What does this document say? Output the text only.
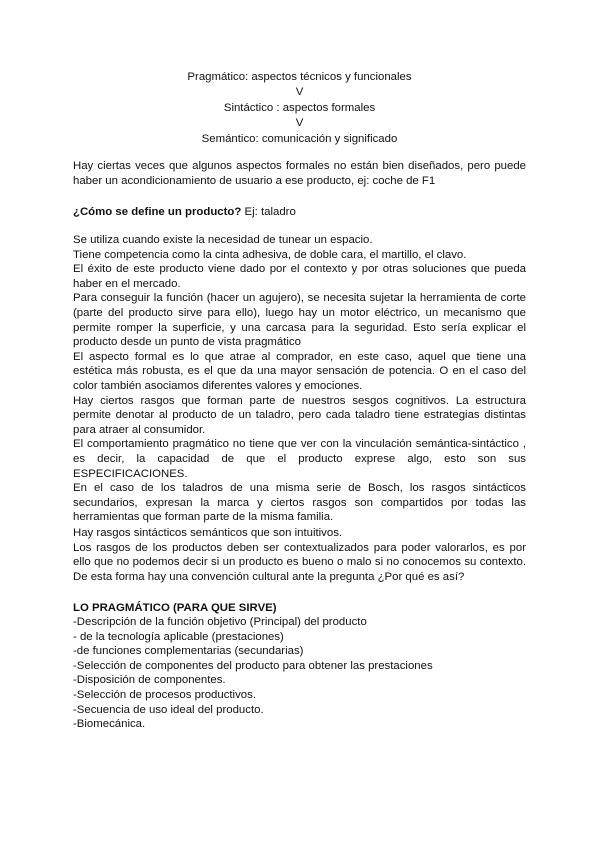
Pragmático: aspectos técnicos y funcionales
V
Sintáctico : aspectos formales
V
Semántico: comunicación y significado

Hay ciertas veces que algunos aspectos formales no están bien diseñados, pero puede haber un acondicionamiento de usuario a ese producto, ej: coche de F1

¿Cómo se define un producto? Ej: taladro

Se utiliza cuando existe la necesidad de tunear un espacio.

Tiene competencia como la cinta adhesiva, de doble cara, el martillo, el clavo.

El éxito de este producto viene dado por el contexto y por otras soluciones que pueda haber en el mercado.

Para conseguir la función (hacer un agujero), se necesita sujetar la herramienta de corte (parte del producto sirve para ello), luego hay un motor eléctrico, un mecanismo que permite romper la superficie, y una carcasa para la seguridad. Esto sería explicar el producto desde un punto de vista pragmático

El aspecto formal es lo que atrae al comprador, en este caso, aquel que tiene una estética más robusta, es el que da una mayor sensación de potencia. O en el caso del color también asociamos diferentes valores y emociones.

Hay ciertos rasgos que forman parte de nuestros sesgos cognitivos. La estructura permite denotar al producto de un taladro, pero cada taladro tiene estrategias distintas para atraer al consumidor.

El comportamiento pragmático no tiene que ver con la vinculación semántica-sintáctico , es decir, la capacidad de que el producto exprese algo, esto son sus ESPECIFICACIONES.

En el caso de los taladros de una misma serie de Bosch, los rasgos sintácticos secundarios, expresan la marca y ciertos rasgos son compartidos por todas las herramientas que forman parte de la misma familia.

Hay rasgos sintácticos semánticos que son intuitivos.

Los rasgos de los productos deben ser contextualizados para poder valorarlos, es por ello que no podemos decir si un producto es bueno o malo si no conocemos su contexto. De esta forma hay una convención cultural ante la pregunta ¿Por qué es así?

LO PRAGMÁTICO (PARA QUE SIRVE)
-Descripción de la función objetivo (Principal) del producto
- de la tecnología aplicable (prestaciones)
-de funciones complementarias (secundarias)
-Selección de componentes del producto para obtener las prestaciones
-Disposición de componentes.
-Selección de procesos productivos.
-Secuencia de uso ideal del producto.
-Biomecánica.
